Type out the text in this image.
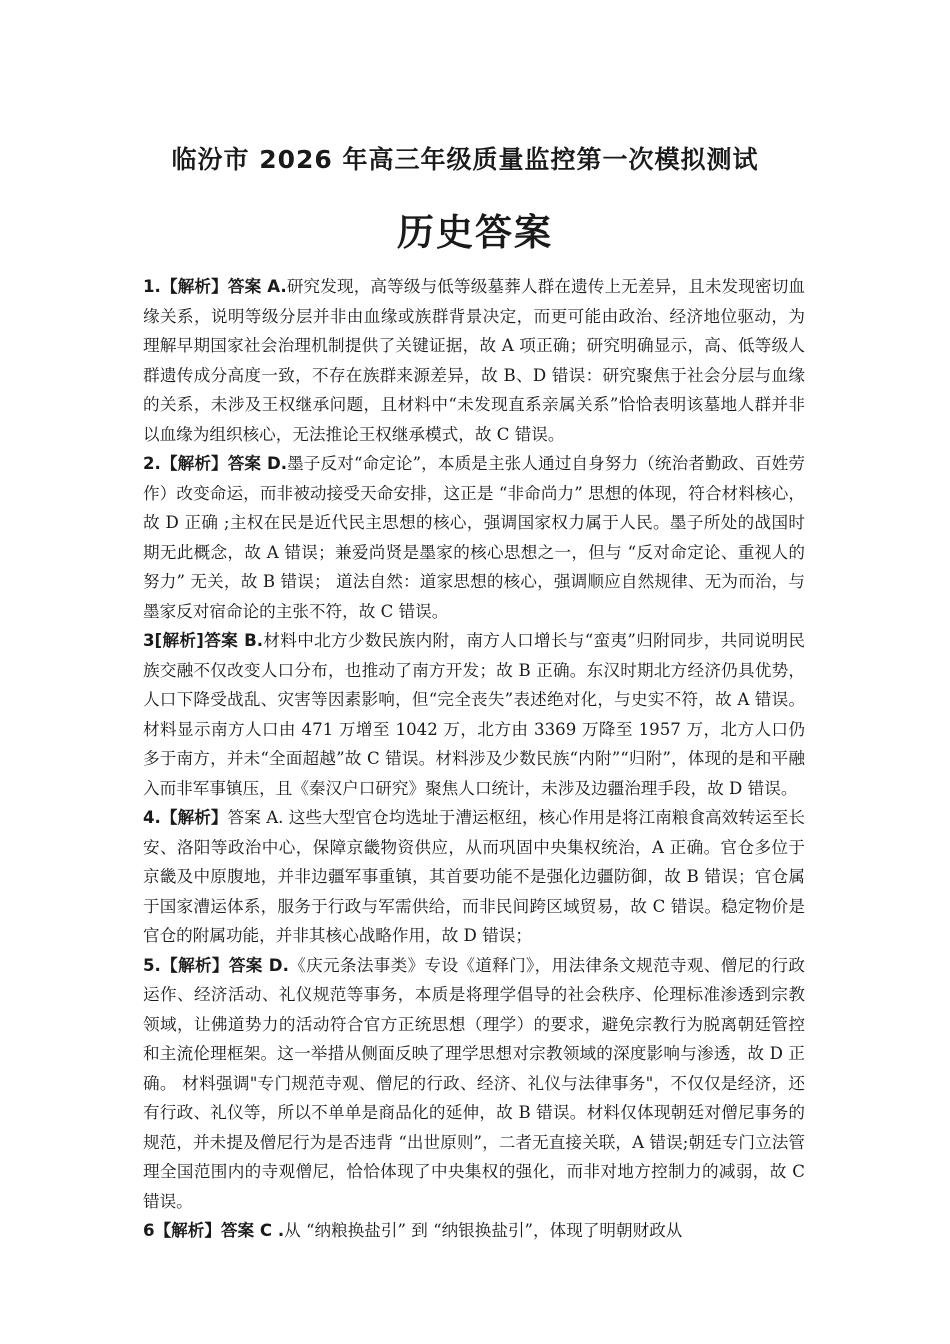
临汾市 2026 年高三年级质量监控第一次模拟测试
历史答案

1.【解析】答案 A.研究发现，高等级与低等级墓葬人群在遗传上无差异，且未发现密切血缘关系，说明等级分层并非由血缘或族群背景决定，而更可能由政治、经济地位驱动，为理解早期国家社会治理机制提供了关键证据，故 A 项正确；研究明确显示，高、低等级人群遗传成分高度一致，不存在族群来源差异，故 B、D 错误：研究聚焦于社会分层与血缘的关系，未涉及王权继承问题，且材料中“未发现直系亲属关系”恰恰表明该墓地人群并非以血缘为组织核心，无法推论王权继承模式，故 C 错误。

2.【解析】答案 D.墨子反对“命定论”，本质是主张人通过自身努力（统治者勤政、百姓劳作）改变命运，而非被动接受天命安排，这正是 “非命尚力” 思想的体现，符合材料核心，故 D 正确 ;主权在民是近代民主思想的核心，强调国家权力属于人民。墨子所处的战国时期无此概念，故 A 错误；兼爱尚贤是墨家的核心思想之一，但与 “反对命定论、重视人的努力” 无关，故 B 错误； 道法自然：道家思想的核心，强调顺应自然规律、无为而治，与墨家反对宿命论的主张不符，故 C 错误。

3[解析]答案 B.材料中北方少数民族内附，南方人口增长与“蛮夷”归附同步，共同说明民族交融不仅改变人口分布，也推动了南方开发；故 B 正确。东汉时期北方经济仍具优势，人口下降受战乱、灾害等因素影响，但“完全丧失”表述绝对化，与史实不符，故 A 错误。材料显示南方人口由 471 万增至 1042 万，北方由 3369 万降至 1957 万，北方人口仍多于南方，并未“全面超越”故 C 错误。材料涉及少数民族“内附”“归附”，体现的是和平融入而非军事镇压，且《秦汉户口研究》聚焦人口统计，未涉及边疆治理手段，故 D 错误。

4.【解析】答案 A. 这些大型官仓均选址于漕运枢纽，核心作用是将江南粮食高效转运至长安、洛阳等政治中心，保障京畿物资供应，从而巩固中央集权统治，A 正确。官仓多位于京畿及中原腹地，并非边疆军事重镇，其首要功能不是强化边疆防御，故 B 错误；官仓属于国家漕运体系，服务于行政与军需供给，而非民间跨区域贸易，故 C 错误。稳定物价是官仓的附属功能，并非其核心战略作用，故 D 错误；

5.【解析】答案 D.《庆元条法事类》专设《道释门》，用法律条文规范寺观、僧尼的行政运作、经济活动、礼仪规范等事务，本质是将理学倡导的社会秩序、伦理标准渗透到宗教领域，让佛道势力的活动符合官方正统思想（理学）的要求，避免宗教行为脱离朝廷管控和主流伦理框架。这一举措从侧面反映了理学思想对宗教领域的深度影响与渗透，故 D 正确。 材料强调"专门规范寺观、僧尼的行政、经济、礼仪与法律事务"，不仅仅是经济，还有行政、礼仪等，所以不单单是商品化的延伸，故 B 错误。材料仅体现朝廷对僧尼事务的规范，并未提及僧尼行为是否违背 “出世原则”，二者无直接关联，A 错误;朝廷专门立法管理全国范围内的寺观僧尼，恰恰体现了中央集权的强化，而非对地方控制力的减弱，故 C 错误。

6【解析】答案 C .从 “纳粮换盐引” 到 “纳银换盐引”，体现了明朝财政从
